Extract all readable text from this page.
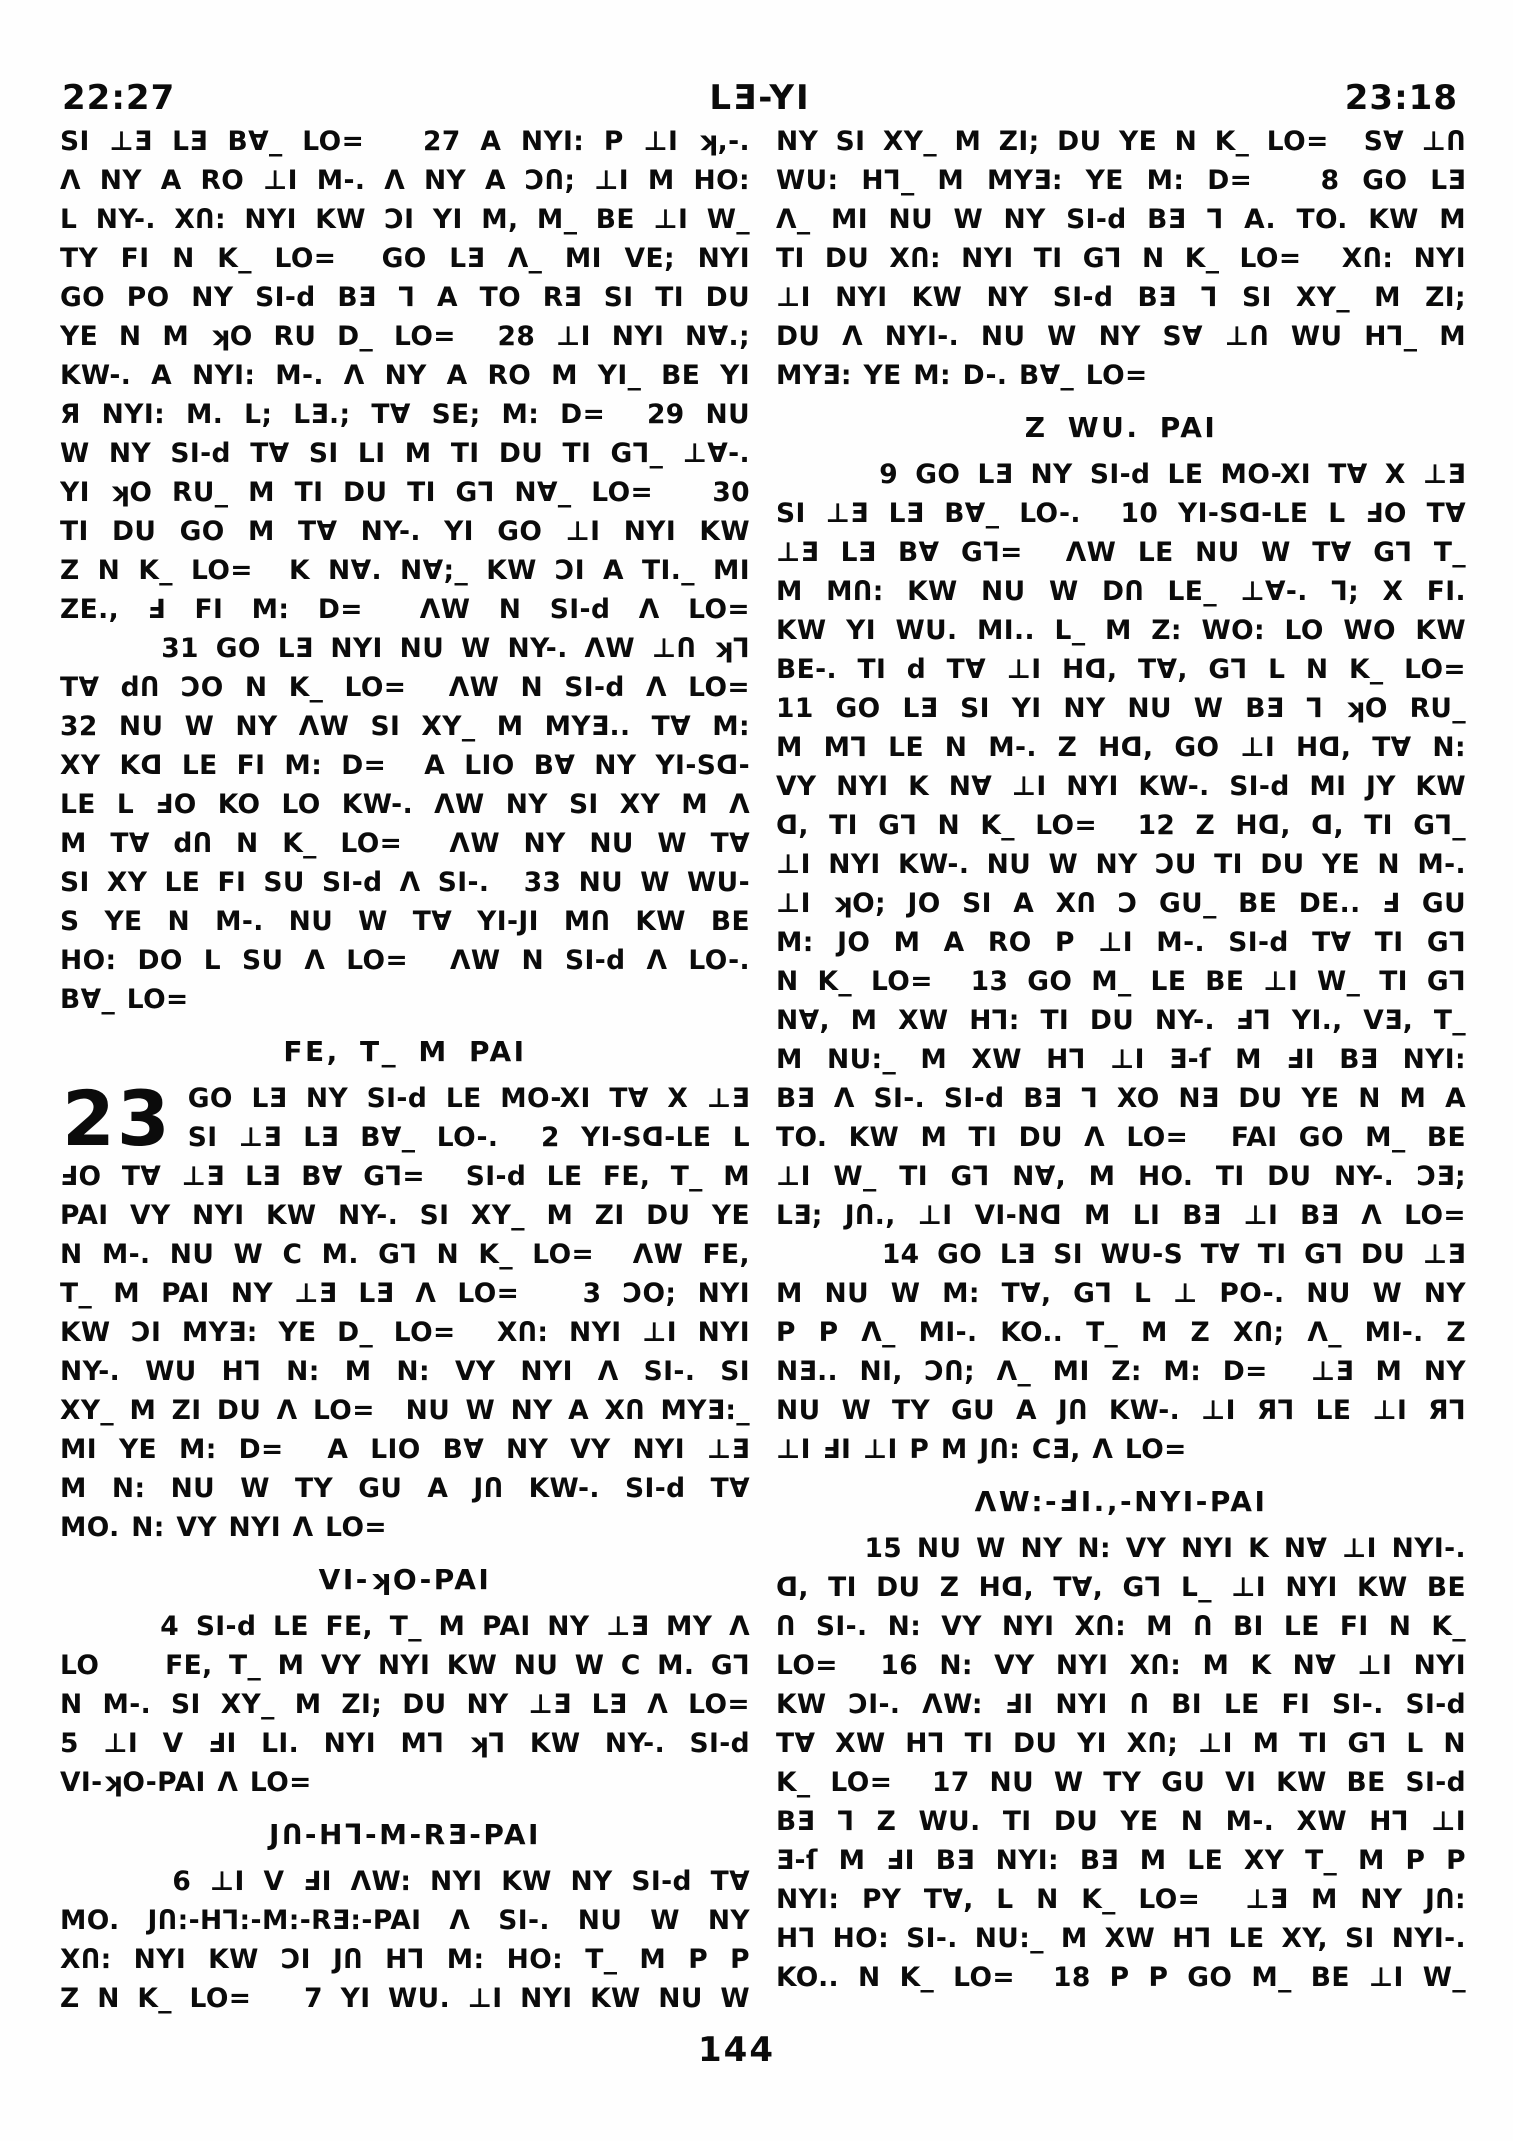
22:27	LƎ-YI	23:18
SI ⊥Ǝ LƎ BⱯ_ LO=   27 A NYI: P ⊥I ʞ,-.
Ʌ NY A RO ⊥I M-. Ʌ NY A ƆՈ; ⊥I M HO:
L NY-. XՈ: NYI KW ƆI YI M, M_ BE ⊥I W_
TY FI N K_ LO=  GO LƎ Ʌ_ MI VE; NYI
GO PO NY SI-d BƎ ᒣ A TO RƎ SI TI DU
YE N M ʞO RU D_ LO=  28 ⊥I NYI NⱯ.;
KW-. A NYI: M-. Ʌ NY A RO M YI_ BE YI
Я NYI: M. L; LƎ.; TⱯ SE; M: D=  29 NU
W NY SI-d TⱯ SI LI M TI DU TI Gᒣ_ ⊥Ɐ-.
YI ʞO RU_ M TI DU TI Gᒣ NⱯ_ LO=   30
TI DU GO M TⱯ NY-. YI GO ⊥I NYI KW
Z N K_ LO=  K NⱯ. NⱯ;_ KW ƆI A TI._ MI
ZE., Ⅎ FI M: D=  ɅW N SI-d Ʌ LO=
31 GO LƎ NYI NU W NY-. ɅW ⊥Ո ʞᒣ
TⱯ dՈ ƆO N K_ LO=  ɅW N SI-d Ʌ LO=
32 NU W NY ɅW SI XY_ M MYƎ.. TⱯ M:
XY Kᗡ LE FI M: D=  A LIO BⱯ NY YI-Sᗡ-
LE L ℲO KO LO KW-. ɅW NY SI XY M Ʌ
M TⱯ dՈ N K_ LO=  ɅW NY NU W TⱯ
SI XY LE FI SU SI-d Ʌ SI-.  33 NU W WU-
S YE N M-. NU W TⱯ YI-JI MՈ KW BE
HO: DO L SU Ʌ LO=  ɅW N SI-d Ʌ LO-.
BⱯ_ LO=
FE, T_ M PAI
23 GO LƎ NY SI-d LE MO-XI TⱯ X ⊥Ǝ
SI ⊥Ǝ LƎ BⱯ_ LO-.  2 YI-Sᗡ-LE L
ℲO TⱯ ⊥Ǝ LƎ BⱯ Gᒣ=  SI-d LE FE, T_ M
PAI VY NYI KW NY-. SI XY_ M ZI DU YE
N M-. NU W C M. Gᒣ N K_ LO=  ɅW FE,
T_ M PAI NY ⊥Ǝ LƎ Ʌ LO=   3 ƆO; NYI
KW ƆI MYƎ: YE D_ LO=  XՈ: NYI ⊥I NYI
NY-. WU Hᒣ N: M N: VY NYI Ʌ SI-. SI
XY_ M ZI DU Ʌ LO=  NU W NY A XՈ MYƎ:_
MI YE M: D=  A LIO BⱯ NY VY NYI ⊥Ǝ
M N: NU W TY GU A JՈ KW-. SI-d TⱯ
MO. N: VY NYI Ʌ LO=
VI-ʞO-PAI
4 SI-d LE FE, T_ M PAI NY ⊥Ǝ MY Ʌ
LO    FE, T_ M VY NYI KW NU W C M. Gᒣ
N M-. SI XY_ M ZI; DU NY ⊥Ǝ LƎ Ʌ LO=
5 ⊥I V ℲI LI. NYI Mᒣ ʞᒣ KW NY-. SI-d
VI-ʞO-PAI Ʌ LO=
JՈ-Hᒣ-M-RƎ-PAI
6 ⊥I V ℲI ɅW: NYI KW NY SI-d TⱯ
MO. JՈ:-Hᒣ:-M:-RƎ:-PAI Ʌ SI-. NU W NY
XՈ: NYI KW ƆI JՈ Hᒣ M: HO: T_ M P P
Z N K_ LO=   7 YI WU. ⊥I NYI KW NU W
NY SI XY_ M ZI; DU YE N K_ LO=  SⱯ ⊥Ո
WU: Hᒣ_ M MYƎ: YE M: D=   8 GO LƎ
Ʌ_ MI NU W NY SI-d BƎ ᒣ A. TO. KW M
TI DU XՈ: NYI TI Gᒣ N K_ LO=  XՈ: NYI
⊥I NYI KW NY SI-d BƎ ᒣ SI XY_ M ZI;
DU Ʌ NYI-. NU W NY SⱯ ⊥Ո WU Hᒣ_ M
MYƎ: YE M: D-. BⱯ_ LO=
Z WU. PAI
9 GO LƎ NY SI-d LE MO-XI TⱯ X ⊥Ǝ
SI ⊥Ǝ LƎ BⱯ_ LO-.  10 YI-Sᗡ-LE L ℲO TⱯ
⊥Ǝ LƎ BⱯ Gᒣ=  ɅW LE NU W TⱯ Gᒣ T_
M MՈ: KW NU W DՈ LE_ ⊥Ɐ-. ᒣ; X FI.
KW YI WU. MI.. L_ M Z: WO: LO WO KW
BE-. TI d TⱯ ⊥I Hᗡ, TⱯ, Gᒣ L N K_ LO=
11 GO LƎ SI YI NY NU W BƎ ᒣ ʞO RU_
M Mᒣ LE N M-. Z Hᗡ, GO ⊥I Hᗡ, TⱯ N:
VY NYI K NⱯ ⊥I NYI KW-. SI-d MI JY KW
ᗡ, TI Gᒣ N K_ LO=  12 Z Hᗡ, ᗡ, TI Gᒣ_
⊥I NYI KW-. NU W NY ƆU TI DU YE N M-.
⊥I ʞO; JO SI A XՈ Ɔ GU_ BE DE.. Ⅎ GU
M: JO M A RO P ⊥I M-. SI-d TⱯ TI Gᒣ
N K_ LO=  13 GO M_ LE BE ⊥I W_ TI Gᒣ
NⱯ, M XW Hᒣ: TI DU NY-. Ⅎᒣ YI., VƎ, T_
M NU:_ M XW Hᒣ ⊥I Ǝ-ſ M ℲI BƎ NYI:
BƎ Ʌ SI-. SI-d BƎ ᒣ XO NƎ DU YE N M A
TO. KW M TI DU Ʌ LO=  FAI GO M_ BE
⊥I W_ TI Gᒣ NⱯ, M HO. TI DU NY-. ƆƎ;
LƎ; JՈ., ⊥I VI-Nᗡ M LI BƎ ⊥I BƎ Ʌ LO=
14 GO LƎ SI WU-S TⱯ TI Gᒣ DU ⊥Ǝ
M NU W M: TⱯ, Gᒣ L ⊥ PO-. NU W NY
P P Ʌ_ MI-. KO.. T_ M Z XՈ; Ʌ_ MI-. Z
NƎ.. NI, ƆՈ; Ʌ_ MI Z: M: D=  ⊥Ǝ M NY
NU W TY GU A JՈ KW-. ⊥I Яᒣ LE ⊥I Яᒣ
⊥I ℲI ⊥I P M JՈ: CƎ, Ʌ LO=
ɅW:-ℲI.,-NYI-PAI
15 NU W NY N: VY NYI K NⱯ ⊥I NYI-.
ᗡ, TI DU Z Hᗡ, TⱯ, Gᒣ L_ ⊥I NYI KW BE
Ո SI-. N: VY NYI XՈ: M Ո BI LE FI N K_
LO=  16 N: VY NYI XՈ: M K NⱯ ⊥I NYI
KW ƆI-. ɅW: ℲI NYI Ո BI LE FI SI-. SI-d
TⱯ XW Hᒣ TI DU YI XՈ; ⊥I M TI Gᒣ L N
K_ LO=  17 NU W TY GU VI KW BE SI-d
BƎ ᒣ Z WU. TI DU YE N M-. XW Hᒣ ⊥I
Ǝ-ſ M ℲI BƎ NYI: BƎ M LE XY T_ M P P
NYI: PY TⱯ, L N K_ LO=  ⊥Ǝ M NY JՈ:
Hᒣ HO: SI-. NU:_ M XW Hᒣ LE XY, SI NYI-.
KO.. N K_ LO=  18 P P GO M_ BE ⊥I W_
144
